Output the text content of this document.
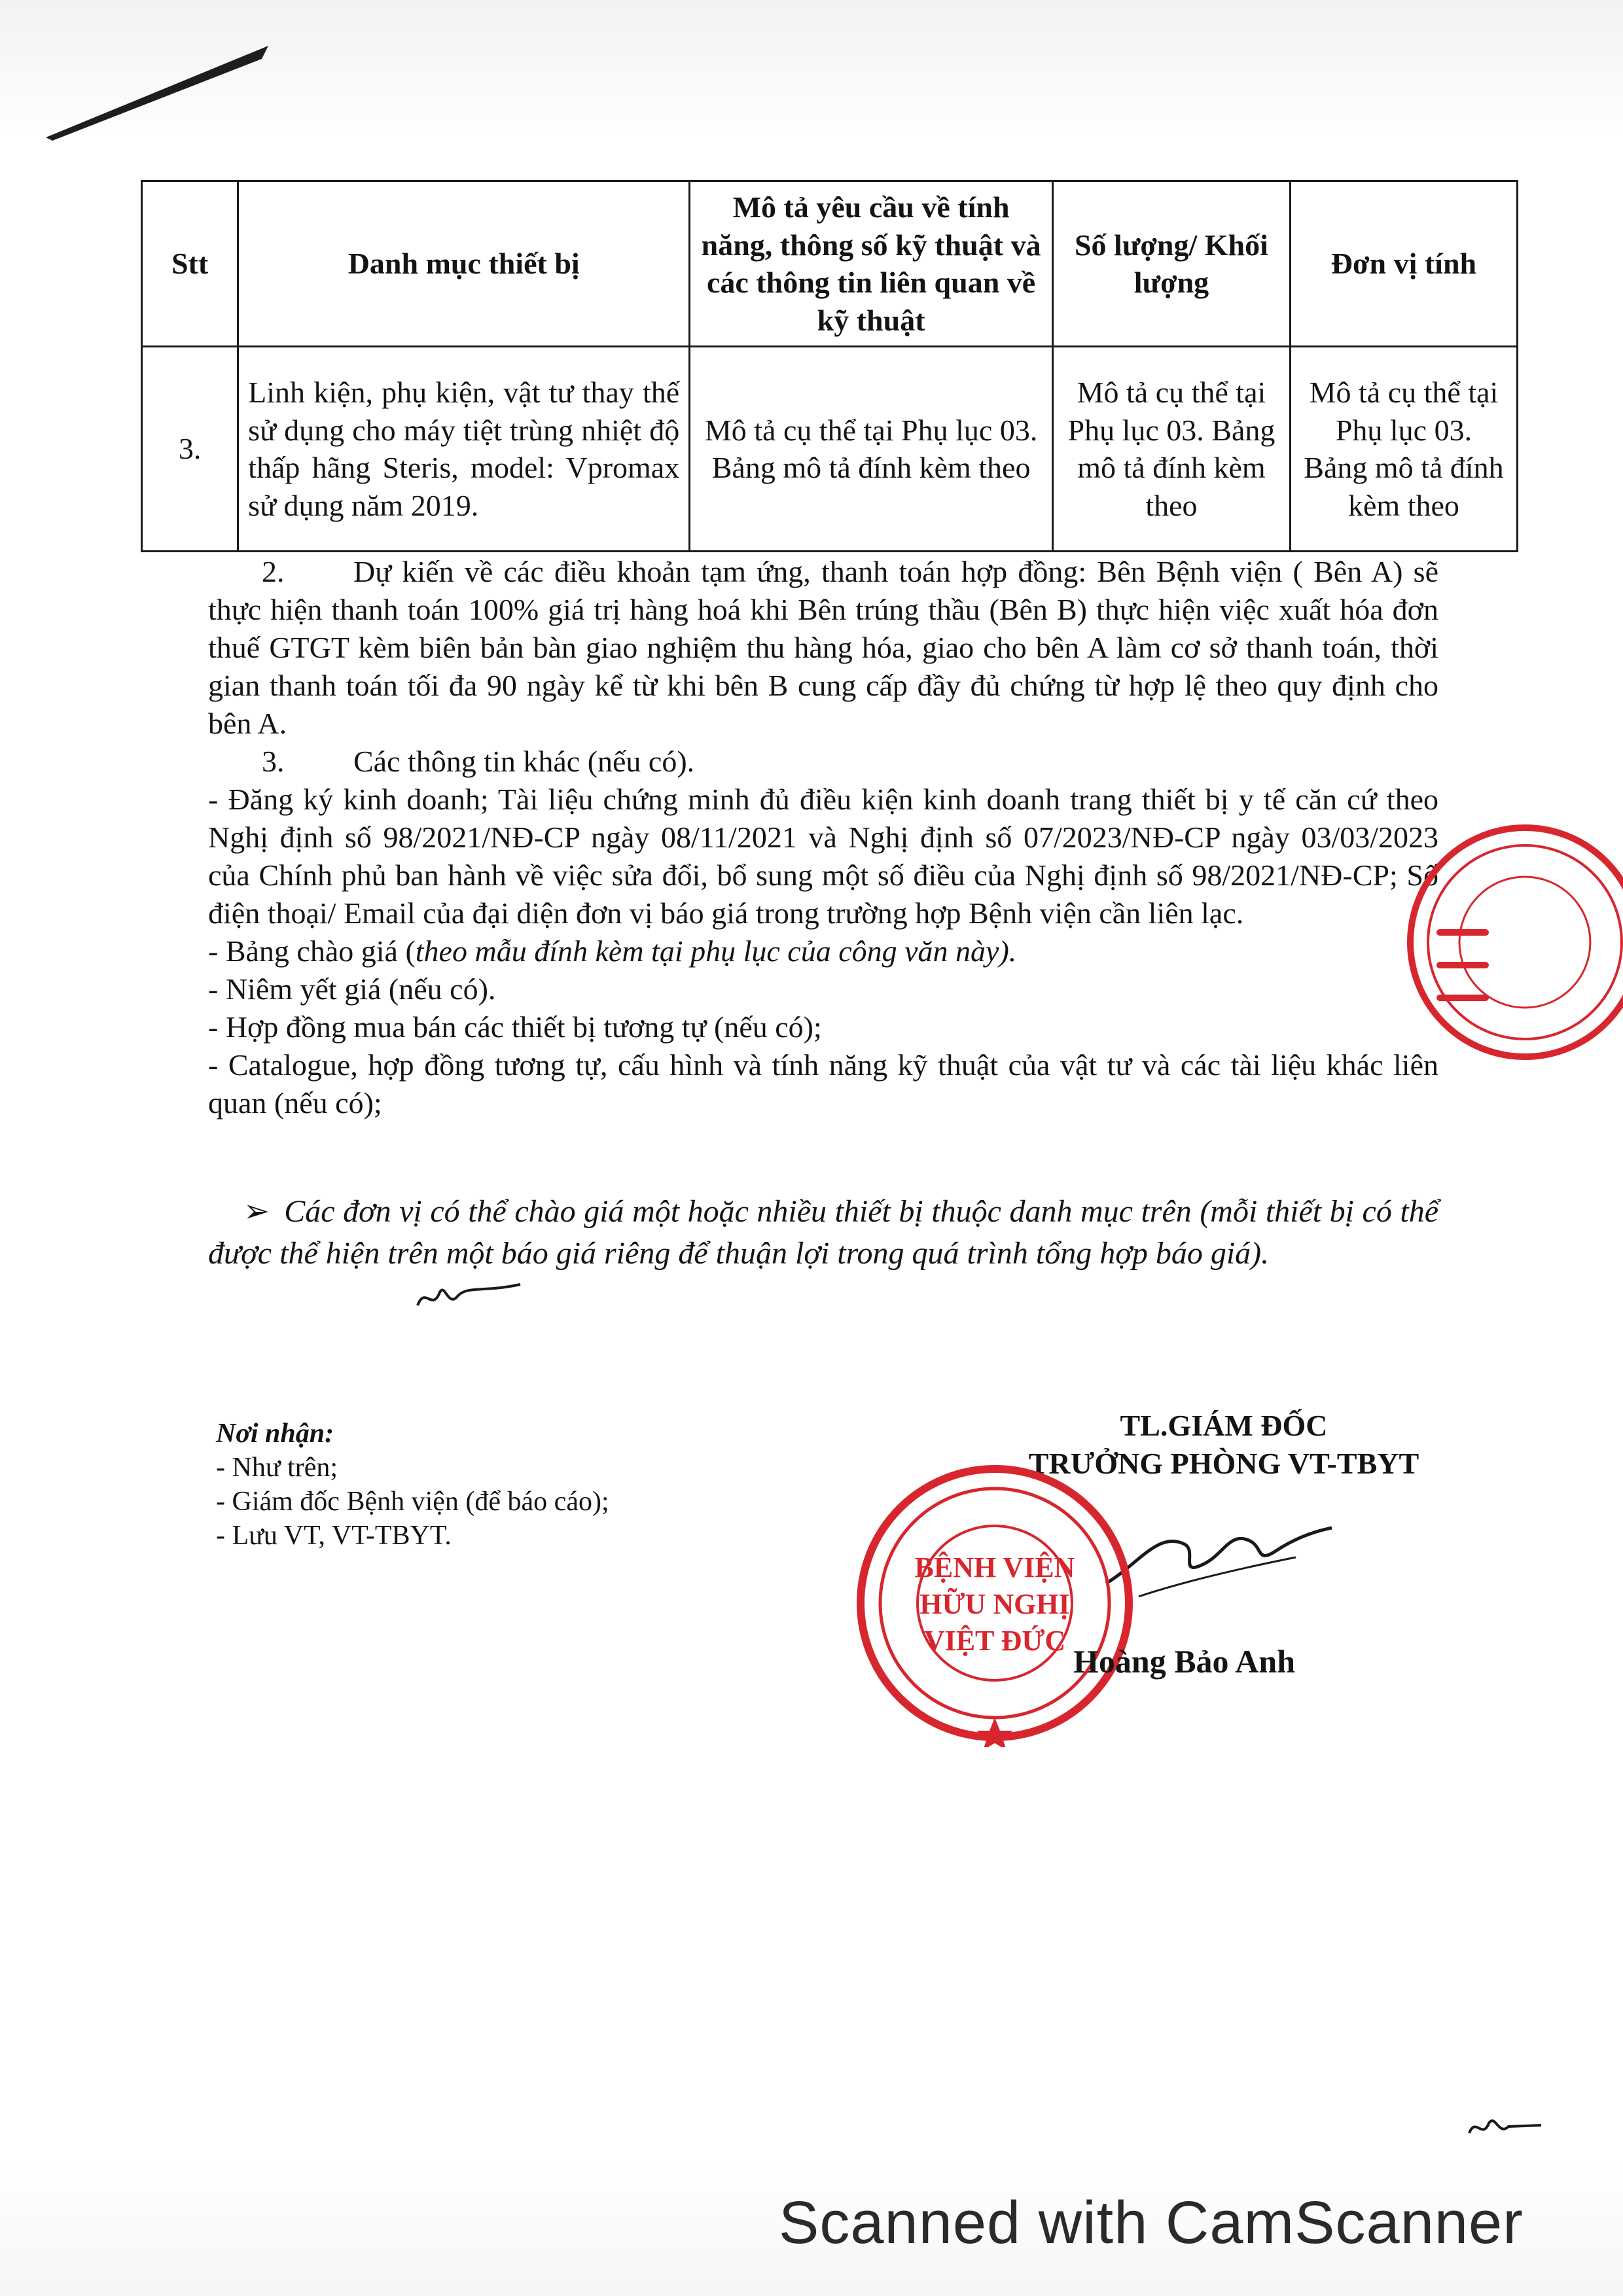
Stt	Danh mục thiết bị	Mô tả yêu cầu về tính năng, thông số kỹ thuật và các thông tin liên quan về kỹ thuật	Số lượng/ Khối lượng	Đơn vị tính
3.	Linh kiện, phụ kiện, vật tư thay thế sử dụng cho máy tiệt trùng nhiệt độ thấp hãng Steris, model: Vpromax sử dụng năm 2019.	Mô tả cụ thể tại Phụ lục 03. Bảng mô tả đính kèm theo	Mô tả cụ thể tại Phụ lục 03. Bảng mô tả đính kèm theo	Mô tả cụ thể tại Phụ lục 03. Bảng mô tả đính kèm theo

2. Dự kiến về các điều khoản tạm ứng, thanh toán hợp đồng: Bên Bệnh viện ( Bên A) sẽ thực hiện thanh toán 100% giá trị hàng hoá khi Bên trúng thầu (Bên B) thực hiện việc xuất hóa đơn thuế GTGT kèm biên bản bàn giao nghiệm thu hàng hóa, giao cho bên A làm cơ sở thanh toán, thời gian thanh toán tối đa 90 ngày kể từ khi bên B cung cấp đầy đủ chứng từ hợp lệ theo quy định cho bên A.

3. Các thông tin khác (nếu có).

- Đăng ký kinh doanh; Tài liệu chứng minh đủ điều kiện kinh doanh trang thiết bị y tế căn cứ theo Nghị định số 98/2021/NĐ-CP ngày 08/11/2021 và Nghị định số 07/2023/NĐ-CP ngày 03/03/2023 của Chính phủ ban hành về việc sửa đổi, bổ sung một số điều của Nghị định số 98/2021/NĐ-CP; Số điện thoại/ Email của đại diện đơn vị báo giá trong trường hợp Bệnh viện cần liên lạc.

- Bảng chào giá (theo mẫu đính kèm tại phụ lục của công văn này).

- Niêm yết giá (nếu có).

- Hợp đồng mua bán các thiết bị tương tự (nếu có);

- Catalogue, hợp đồng tương tự, cấu hình và tính năng kỹ thuật của vật tư và các tài liệu khác liên quan (nếu có);

➢ Các đơn vị có thể chào giá một hoặc nhiều thiết bị thuộc danh mục trên (mỗi thiết bị có thể được thể hiện trên một báo giá riêng để thuận lợi trong quá trình tổng hợp báo giá).
Nơi nhận:
- Như trên;
- Giám đốc Bệnh viện (để báo cáo);
- Lưu VT, VT-TBYT.
TL.GIÁM ĐỐC
TRƯỞNG PHÒNG VT-TBYT
BỆNH VIỆN
HỮU NGHỊ
VIỆT ĐỨC
Hoàng Bảo Anh
Scanned with CamScanner
